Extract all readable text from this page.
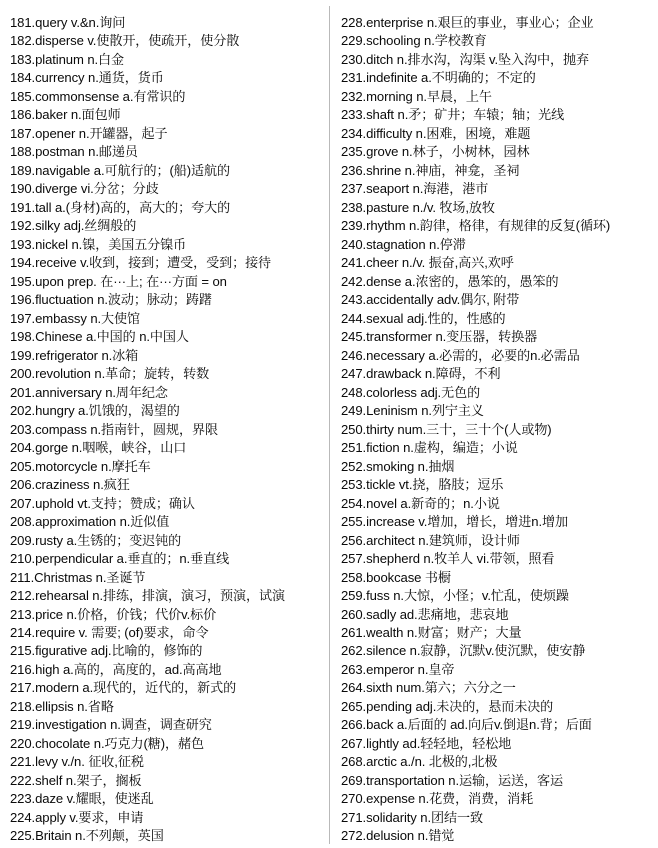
181.query v.&n.询问
182.disperse v.使散开，使疏开，使分散
183.platinum n.白金
184.currency n.通货，货币
185.commonsense a.有常识的
186.baker n.面包师
187.opener n.开罐器，起子
188.postman n.邮递员
189.navigable a.可航行的；(船)适航的
190.diverge vi.分岔；分歧
191.tall a.(身材)高的，高大的；夸大的
192.silky adj.丝绸般的
193.nickel n.镍，美国五分镍币
194.receive v.收到，接到；遭受，受到；接待
195.upon prep. 在···上; 在···方面 = on
196.fluctuation n.波动；脉动；踌躇
197.embassy n.大使馆
198.Chinese a.中国的 n.中国人
199.refrigerator n.冰箱
200.revolution n.革命；旋转，转数
201.anniversary n.周年纪念
202.hungry a.饥饿的，渴望的
203.compass n.指南针，圆规，界限
204.gorge n.咽喉，峡谷，山口
205.motorcycle n.摩托车
206.craziness n.疯狂
207.uphold vt.支持；赞成；确认
208.approximation n.近似值
209.rusty a.生锈的；变迟钝的
210.perpendicular a.垂直的；n.垂直线
211.Christmas n.圣诞节
212.rehearsal n.排练，排演，演习，预演，试演
213.price n.价格，价钱；代价v.标价
214.require v. 需要; (of)要求，命令
215.figurative adj.比喻的，修饰的
216.high a.高的，高度的，ad.高高地
217.modern a.现代的，近代的，新式的
218.ellipsis n.省略
219.investigation n.调查，调查研究
220.chocolate n.巧克力(糖)，赭色
221.levy v./n. 征收,征税
222.shelf n.架子，搁板
223.daze v.耀眼，使迷乱
224.apply v.要求，申请
225.Britain n.不列颠，英国
228.enterprise n.艰巨的事业，事业心；企业
229.schooling n.学校教育
230.ditch n.排水沟，沟渠 v.坠入沟中，抛弃
231.indefinite a.不明确的；不定的
232.morning n.早晨，上午
233.shaft n.矛；矿井；车辕；轴；光线
234.difficulty n.困难，困境，难题
235.grove n.林子，小树林，园林
236.shrine n.神庙，神龛，圣祠
237.seaport n.海港，港市
238.pasture n./v. 牧场,放牧
239.rhythm n.韵律，格律，有规律的反复(循环)
240.stagnation n.停滞
241.cheer n./v. 振奋,高兴,欢呼
242.dense a.浓密的，愚笨的，愚笨的
243.accidentally adv.偶尔, 附带
244.sexual adj.性的，性感的
245.transformer n.变压器，转换器
246.necessary a.必需的，必要的n.必需品
247.drawback n.障碍，不利
248.colorless adj.无色的
249.Leninism n.列宁主义
250.thirty num.三十，三十个(人或物)
251.fiction n.虚构，编造；小说
252.smoking n.抽烟
253.tickle vt.挠，胳肢；逗乐
254.novel a.新奇的；n.小说
255.increase v.增加，增长，增进n.增加
256.architect n.建筑师，设计师
257.shepherd n.牧羊人 vi.带领，照看
258.bookcase 书橱
259.fuss n.大惊，小怪；v.忙乱，使烦躁
260.sadly ad.悲痛地，悲哀地
261.wealth n.财富；财产；大量
262.silence n.寂静，沉默v.使沉默，使安静
263.emperor n.皇帝
264.sixth num.第六；六分之一
265.pending adj.未决的，悬而未决的
266.back a.后面的 ad.向后v.倒退n.背；后面
267.lightly ad.轻轻地，轻松地
268.arctic a./n. 北极的,北极
269.transportation n.运输，运送，客运
270.expense n.花费，消费，消耗
271.solidarity n.团结一致
272.delusion n.错觉
